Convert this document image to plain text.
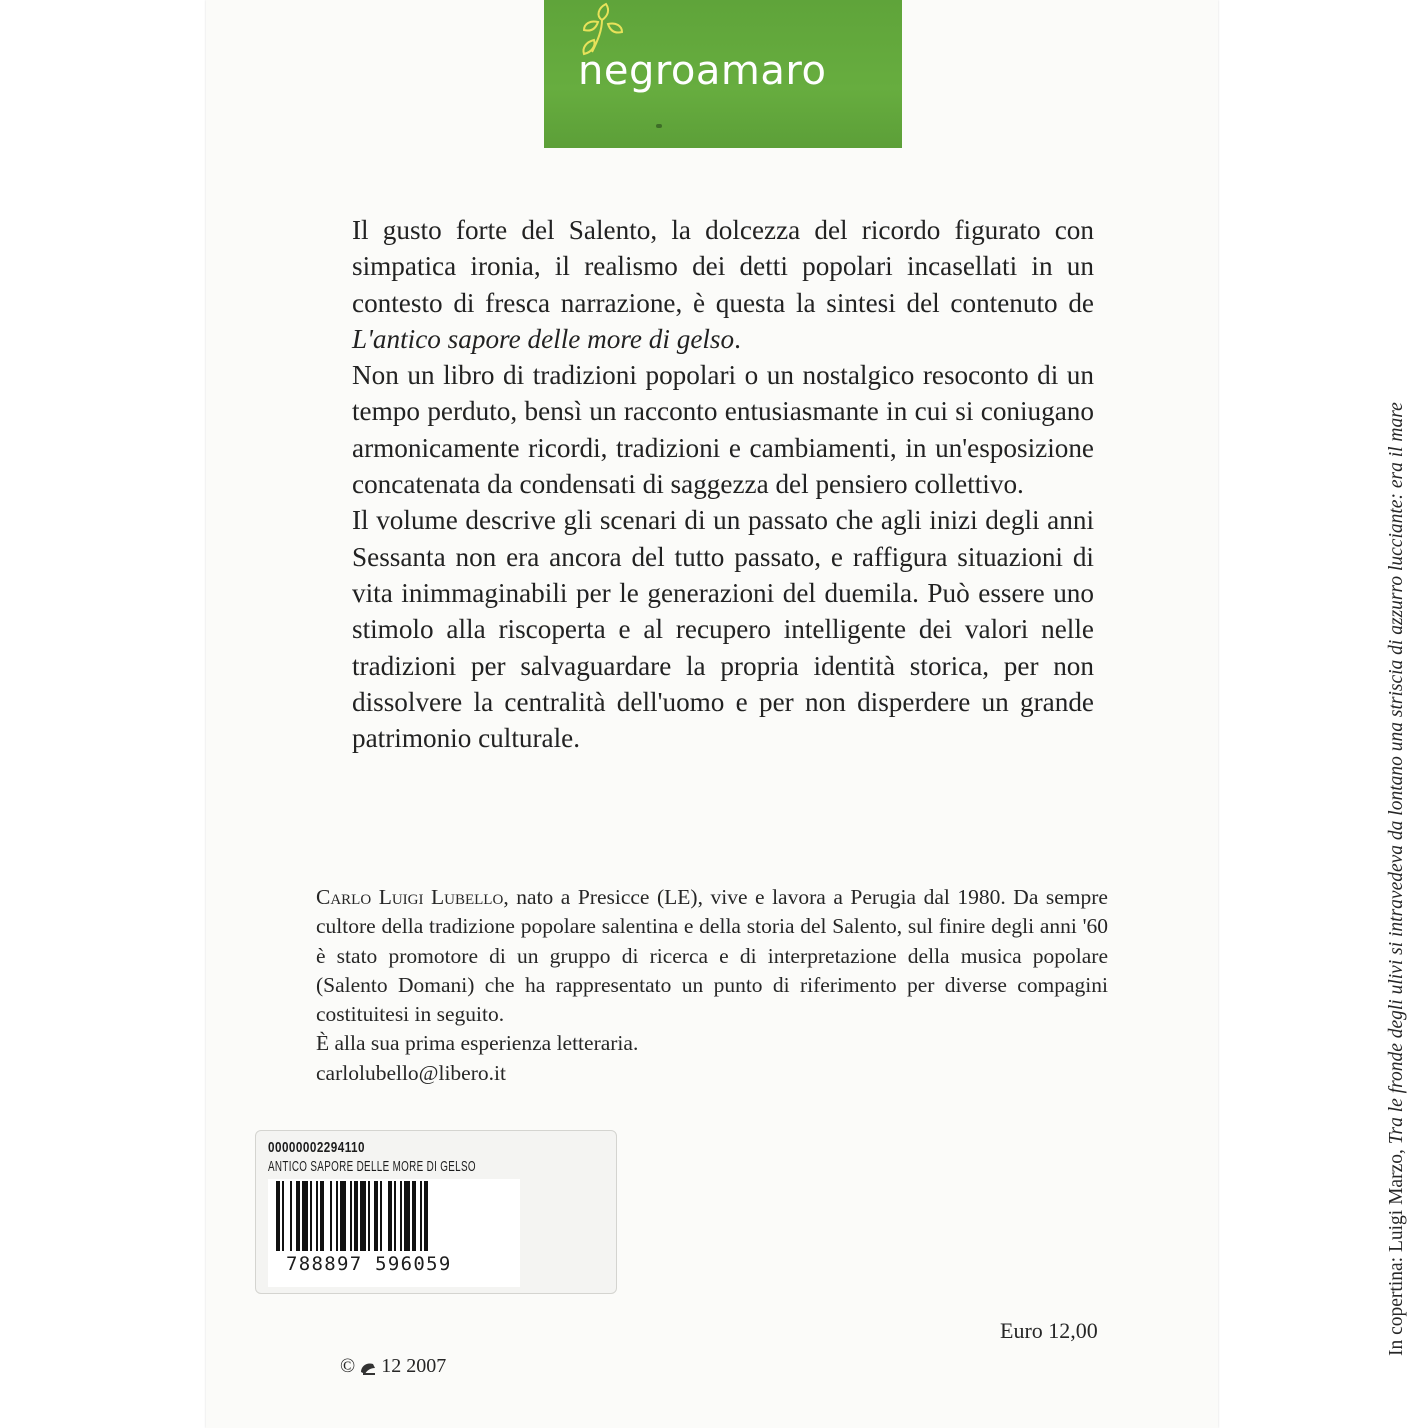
negroamaro

Il gusto forte del Salento, la dolcezza del ricordo figurato con simpatica ironia, il realismo dei detti popolari incasellati in un contesto di fresca narrazione, è questa la sintesi del contenuto de L'antico sapore delle more di gelso.

Non un libro di tradizioni popolari o un nostalgico resoconto di un tempo perduto, bensì un racconto entusiasmante in cui si coniugano armonicamente ricordi, tradizioni e cambiamenti, in un'esposizione concatenata da condensati di saggezza del pensiero collettivo.

Il volume descrive gli scenari di un passato che agli inizi degli anni Sessanta non era ancora del tutto passato, e raffigura situazioni di vita inimmaginabili per le generazioni del duemila. Può essere uno stimolo alla riscoperta e al recupero intelligente dei valori nelle tradizioni per salvaguardare la propria identità storica, per non dissolvere la centralità dell'uomo e per non disperdere un grande patrimonio culturale.

Carlo Luigi Lubello, nato a Presicce (LE), vive e lavora a Perugia dal 1980. Da sempre cultore della tradizione popolare salentina e della storia del Salento, sul finire degli anni '60 è stato promotore di un gruppo di ricerca e di interpretazione della musica popolare (Salento Domani) che ha rappresentato un punto di riferimento per diverse compagini costituitesi in seguito.

È alla sua prima esperienza letteraria.

carlolubello@libero.it

Euro 12,00
© 12 2007
In copertina: Luigi Marzo, Tra le fronde degli ulivi si intravedeva da lontano una striscia di azzurro lucciante: era il mare
00000002294110
ANTICO SAPORE DELLE MORE DI GELSO
788897 596059
